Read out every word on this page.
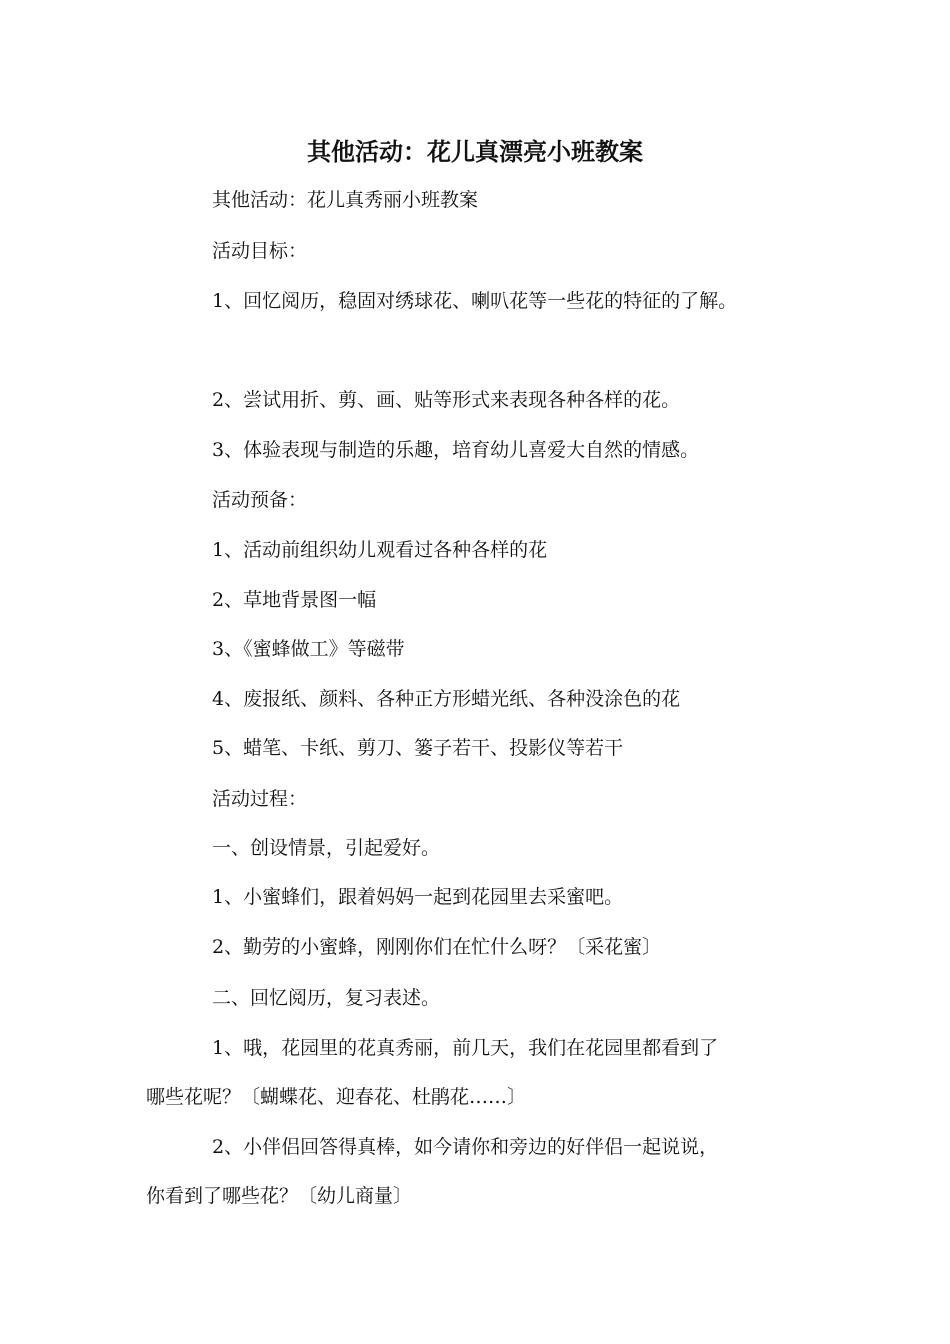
其他活动：花儿真漂亮小班教案
其他活动：花儿真秀丽小班教案
活动目标：
1、回忆阅历，稳固对绣球花、喇叭花等一些花的特征的了解。
2、尝试用折、剪、画、贴等形式来表现各种各样的花。
3、体验表现与制造的乐趣，培育幼儿喜爱大自然的情感。
活动预备：
1、活动前组织幼儿观看过各种各样的花
2、草地背景图一幅
3、《蜜蜂做工》等磁带
4、废报纸、颜料、各种正方形蜡光纸、各种没涂色的花
5、蜡笔、卡纸、剪刀、篓子若干、投影仪等若干
活动过程：
一、创设情景，引起爱好。
1、小蜜蜂们，跟着妈妈一起到花园里去采蜜吧。
2、勤劳的小蜜蜂，刚刚你们在忙什么呀？〔采花蜜〕
二、回忆阅历，复习表述。
1、哦，花园里的花真秀丽，前几天，我们在花园里都看到了
哪些花呢？〔蝴蝶花、迎春花、杜鹃花……〕
2、小伴侣回答得真棒，如今请你和旁边的好伴侣一起说说，
你看到了哪些花？〔幼儿商量〕
